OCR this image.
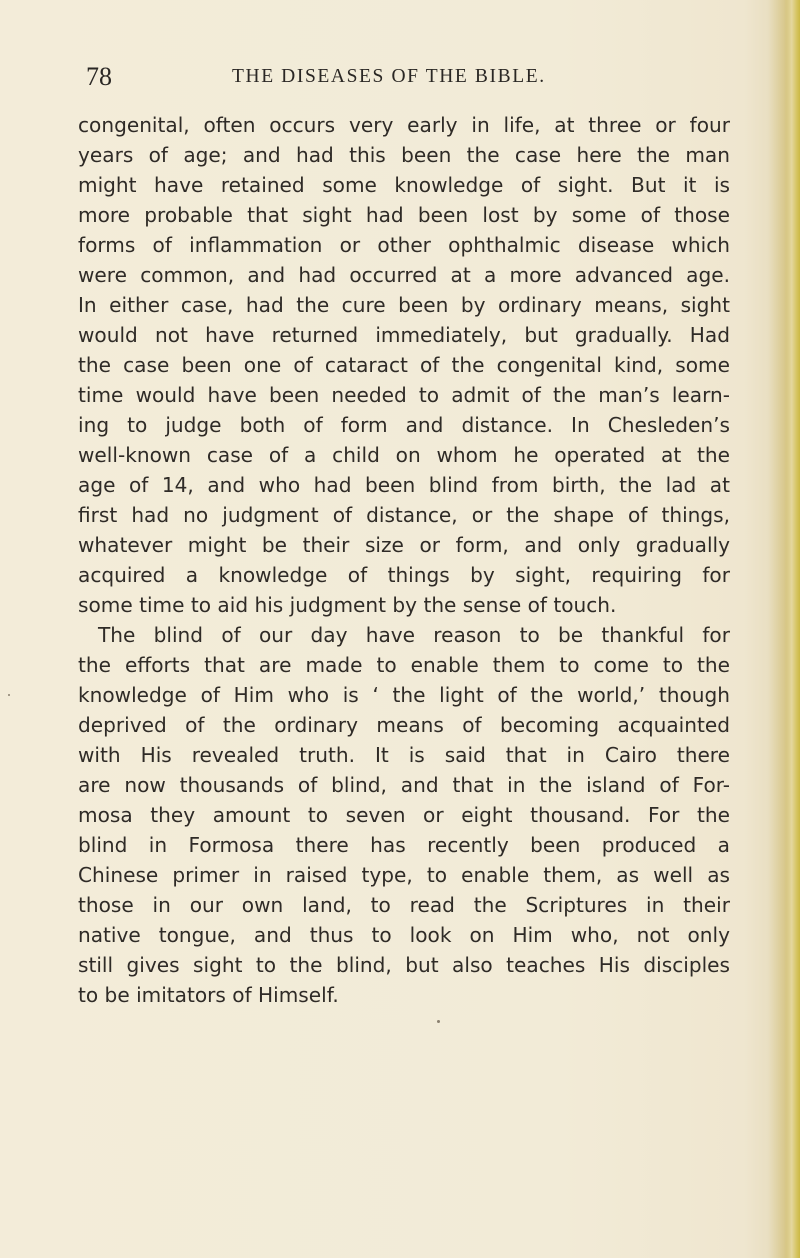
78	THE DISEASES OF THE BIBLE.
congenital, often occurs very early in life, at three or four
years of age; and had this been the case here the man
might have retained some knowledge of sight. But it is
more probable that sight had been lost by some of those
forms of inflammation or other ophthalmic disease which
were common, and had occurred at a more advanced age.
In either case, had the cure been by ordinary means, sight
would not have returned immediately, but gradually. Had
the case been one of cataract of the congenital kind, some
time would have been needed to admit of the man’s learn-
ing to judge both of form and distance. In Chesleden’s
well-known case of a child on whom he operated at the
age of 14, and who had been blind from birth, the lad at
first had no judgment of distance, or the shape of things,
whatever might be their size or form, and only gradually
acquired a knowledge of things by sight, requiring for
some time to aid his judgment by the sense of touch.
The blind of our day have reason to be thankful for
the efforts that are made to enable them to come to the
knowledge of Him who is ‘ the light of the world,’ though
deprived of the ordinary means of becoming acquainted
with His revealed truth. It is said that in Cairo there
are now thousands of blind, and that in the island of For-
mosa they amount to seven or eight thousand. For the
blind in Formosa there has recently been produced a
Chinese primer in raised type, to enable them, as well as
those in our own land, to read the Scriptures in their
native tongue, and thus to look on Him who, not only
still gives sight to the blind, but also teaches His disciples
to be imitators of Himself.
